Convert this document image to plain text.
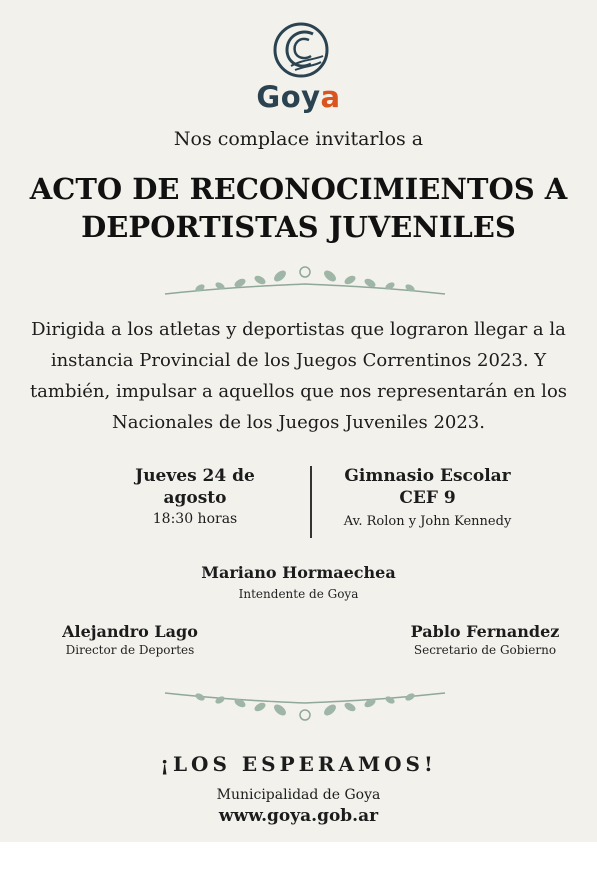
Goya
Nos complace invitarlos a
ACTO DE RECONOCIMIENTOS A
DEPORTISTAS JUVENILES
Dirigida a los atletas y deportistas que lograron llegar a la
instancia Provincial de los Juegos Correntinos 2023. Y
también, impulsar a aquellos que nos representarán en los
Nacionales de los Juegos Juveniles 2023.
Jueves 24 de
agosto
18:30 horas
Gimnasio Escolar
CEF 9
Av. Rolon y John Kennedy
Mariano Hormaechea
Intendente de Goya
Alejandro Lago
Director de Deportes
Pablo Fernandez
Secretario de Gobierno
¡LOS ESPERAMOS!
Municipalidad de Goya
www.goya.gob.ar
